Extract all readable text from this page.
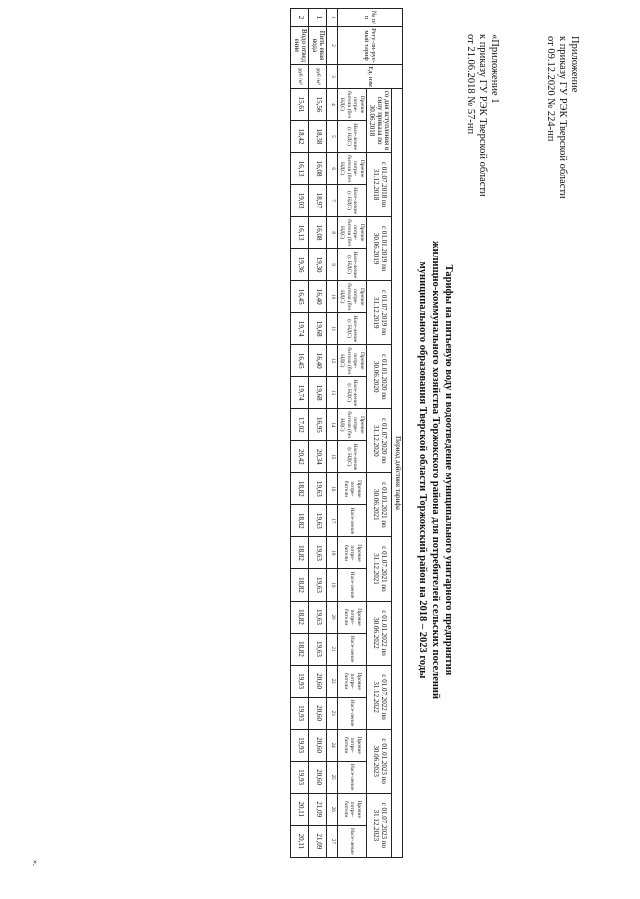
Приложение
к приказу ГУ РЭК Тверской области
от 09.12.2020 № 224-нп
«Приложение 1
к приказу ГУ РЭК Тверской области
от 21.06.2018 № 57-нп
Тарифы на питьевую воду и водоотведение муниципального унитарного предприятия
жилищно-коммунального хозяйства Торжокского района для потребителей сельских поселений
муниципального образования Тверской области Торжокский район на 2018 – 2023 годы
№ п/ п	Регу-ли-руе-мый тариф	Ед. изм	Период действия тарифа																							
			со дня вступления в силу приказа по 30.06.2018		с 01.07.2018 по 31.12.2018		с 01.01.2019 по 30.06.2019		с 01.07.2019 по 31.12.2019		с 01.01.2020 по 30.06.2020		с 01.07.2020 по 31.12.2020		с 01.01.2021 по 30.06.2021		с 01.07.2021 по 31.12.2021		с 01.01.2022 по 30.06.2022		с 01.07.2022 по 31.12.2022		с 01.01.2023 по 30.06.2023		с 01.07.2023 по 31.12.2023	
			Прочие потре-бители (без НДС)	Насе-ление (с НДС)	Прочие потре-бители (без НДС)	Насе-ление (с НДС)	Прочие потре-бители (без НДС)	Насе-ление (с НДС)	Прочие потре-бители (без НДС)	Насе-ление (с НДС)	Прочие потре-бители (без НДС)	Насе-ление (с НДС)	Прочие потре-бители (без НДС)	Насе-ление (с НДС)	Прочие потре-бители	Насе-ление	Прочие потре-бители	Насе-ление	Прочие потре-бители	Насе-ление	Прочие потре-бители	Насе-ление	Прочие потре-бители	Насе-ление	Прочие потре-бители	Насе-ление
1	2	3	4	5	6	7	8	9	10	11	12	13	14	15	16	17	18	19	20	21	22	23	24	25	26	27
1	Пить евая вода	руб /м³	15,56	18,38	16,08	18,97	16,08	19,30	16,40	19,68	16,40	19,68	16,95	20,34	19,63	19,63	19,63	19,63	19,63	19,63	20,60	20,60	20,60	20,60	21,09	21,09
2	Водо отвед ение	руб /м³	15,61	18,42	16,13	19,03	16,13	19,36	16,45	19,74	16,45	19,74	17,02	20,42	18,82	18,82	18,82	18,82	18,82	18,82	19,93	19,93	19,93	19,93	20,11	20,11
».
